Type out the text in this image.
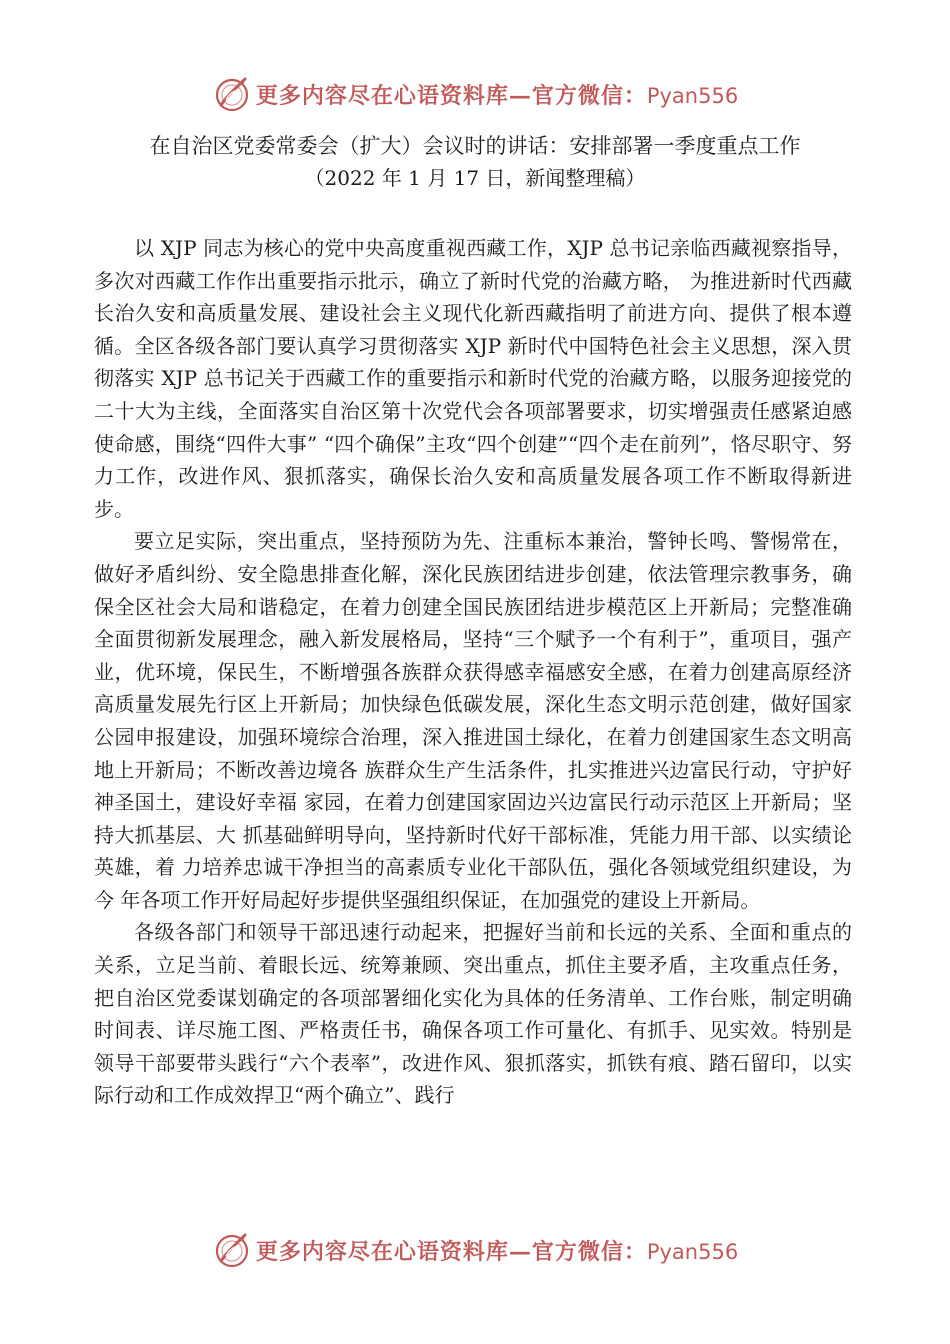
更多内容尽在心语资料库—官方微信：Pyan556
在自治区党委常委会（扩大）会议时的讲话：安排部署一季度重点工作
（2022 年 1 月 17 日，新闻整理稿）

以 XJP 同志为核心的党中央高度重视西藏工作，XJP 总书记亲临西藏视察指导，多次对西藏工作作出重要指示批示，确立了新时代党的治藏方略， 为推进新时代西藏长治久安和高质量发展、建设社会主义现代化新西藏指明了前进方向、提供了根本遵循。全区各级各部门要认真学习贯彻落实 XJP 新时代中国特色社会主义思想，深入贯彻落实 XJP 总书记关于西藏工作的重要指示和新时代党的治藏方略，以服务迎接党的二十大为主线，全面落实自治区第十次党代会各项部署要求，切实增强责任感紧迫感使命感，围绕“四件大事” “四个确保”主攻“四个创建”“四个走在前列”，恪尽职守、努力工作，改进作风、狠抓落实，确保长治久安和高质量发展各项工作不断取得新进步。

要立足实际，突出重点，坚持预防为先、注重标本兼治，警钟长鸣、警惕常在，做好矛盾纠纷、安全隐患排查化解，深化民族团结进步创建，依法管理宗教事务，确保全区社会大局和谐稳定，在着力创建全国民族团结进步模范区上开新局；完整准确全面贯彻新发展理念，融入新发展格局，坚持“三个赋予一个有利于”，重项目，强产业，优环境，保民生，不断增强各族群众获得感幸福感安全感，在着力创建高原经济高质量发展先行区上开新局；加快绿色低碳发展，深化生态文明示范创建，做好国家公园申报建设，加强环境综合治理，深入推进国土绿化，在着力创建国家生态文明高地上开新局；不断改善边境各 族群众生产生活条件，扎实推进兴边富民行动，守护好神圣国土，建设好幸福 家园，在着力创建国家固边兴边富民行动示范区上开新局；坚持大抓基层、大 抓基础鲜明导向，坚持新时代好干部标准，凭能力用干部、以实绩论英雄，着 力培养忠诚干净担当的高素质专业化干部队伍，强化各领域党组织建设，为今 年各项工作开好局起好步提供坚强组织保证，在加强党的建设上开新局。

各级各部门和领导干部迅速行动起来，把握好当前和长远的关系、全面和重点的关系，立足当前、着眼长远、统筹兼顾、突出重点，抓住主要矛盾，主攻重点任务，把自治区党委谋划确定的各项部署细化实化为具体的任务清单、工作台账，制定明确时间表、详尽施工图、严格责任书，确保各项工作可量化、有抓手、见实效。特别是领导干部要带头践行“六个表率”，改进作风、狠抓落实，抓铁有痕、踏石留印，以实际行动和工作成效捍卫“两个确立”、践行

更多内容尽在心语资料库—官方微信：Pyan556
